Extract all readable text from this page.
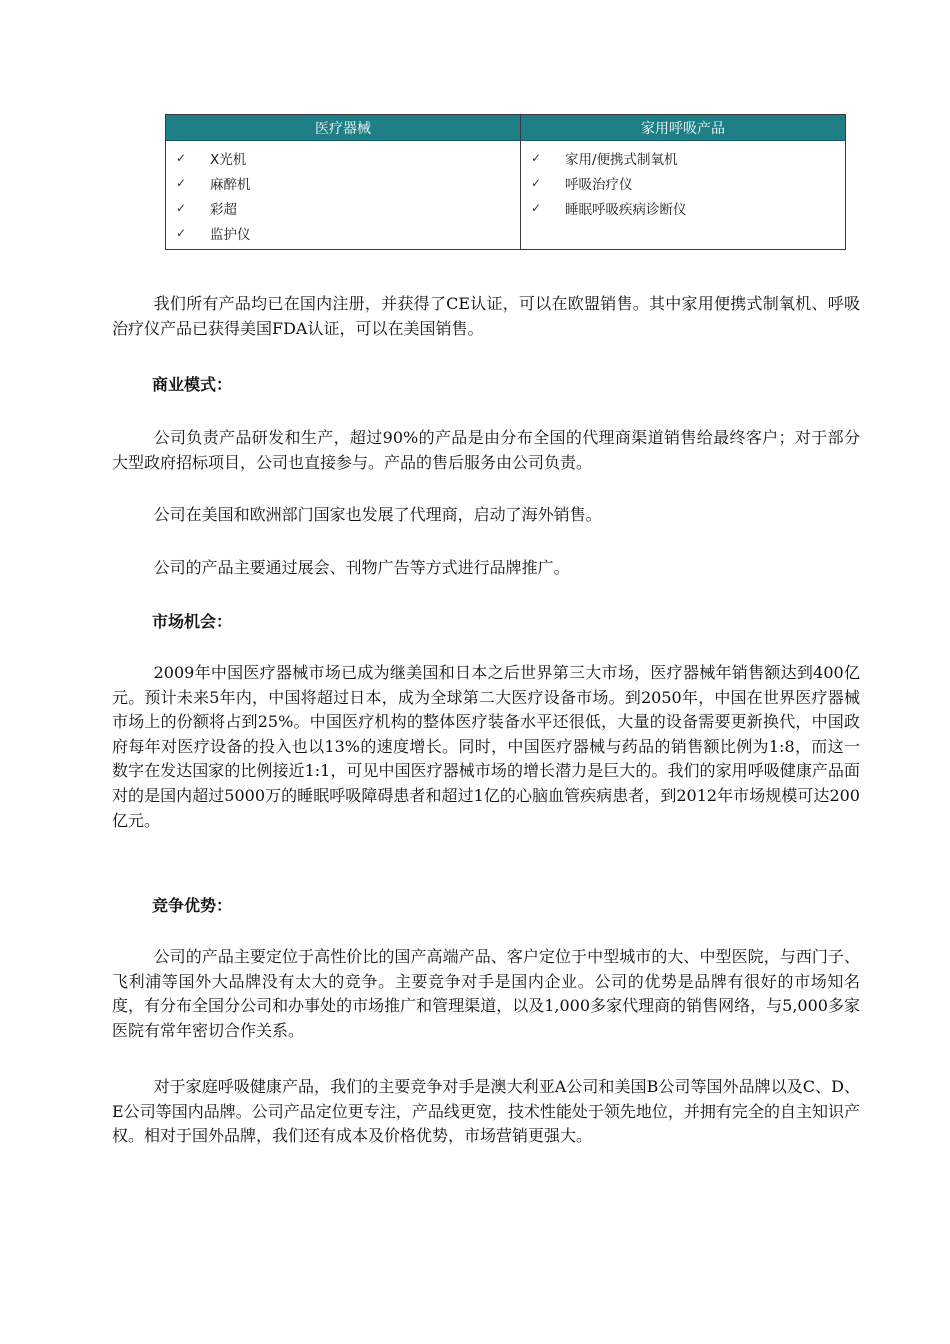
医疗器械
✓ X光机
✓ 麻醉机
✓ 彩超
✓ 监护仪
家用呼吸产品
✓ 家用/便携式制氧机
✓ 呼吸治疗仪
✓ 睡眠呼吸疾病诊断仪

我们所有产品均已在国内注册，并获得了CE认证，可以在欧盟销售。其中家用便携式制氧机、呼吸治疗仪产品已获得美国FDA认证，可以在美国销售。

商业模式：

公司负责产品研发和生产，超过90%的产品是由分布全国的代理商渠道销售给最终客户；对于部分大型政府招标项目，公司也直接参与。产品的售后服务由公司负责。

公司在美国和欧洲部门国家也发展了代理商，启动了海外销售。

公司的产品主要通过展会、刊物广告等方式进行品牌推广。

市场机会：

2009年中国医疗器械市场已成为继美国和日本之后世界第三大市场，医疗器械年销售额达到400亿元。预计未来5年内，中国将超过日本，成为全球第二大医疗设备市场。到2050年，中国在世界医疗器械市场上的份额将占到25%。中国医疗机构的整体医疗装备水平还很低，大量的设备需要更新换代，中国政府每年对医疗设备的投入也以13%的速度增长。同时，中国医疗器械与药品的销售额比例为1:8，而这一数字在发达国家的比例接近1:1，可见中国医疗器械市场的增长潜力是巨大的。我们的家用呼吸健康产品面对的是国内超过5000万的睡眠呼吸障碍患者和超过1亿的心脑血管疾病患者，到2012年市场规模可达200亿元。

竞争优势：

公司的产品主要定位于高性价比的国产高端产品、客户定位于中型城市的大、中型医院，与西门子、飞利浦等国外大品牌没有太大的竞争。主要竞争对手是国内企业。公司的优势是品牌有很好的市场知名度，有分布全国分公司和办事处的市场推广和管理渠道，以及1,000多家代理商的销售网络，与5,000多家医院有常年密切合作关系。

对于家庭呼吸健康产品，我们的主要竞争对手是澳大利亚A公司和美国B公司等国外品牌以及C、D、E公司等国内品牌。公司产品定位更专注，产品线更宽，技术性能处于领先地位，并拥有完全的自主知识产权。相对于国外品牌，我们还有成本及价格优势，市场营销更强大。
